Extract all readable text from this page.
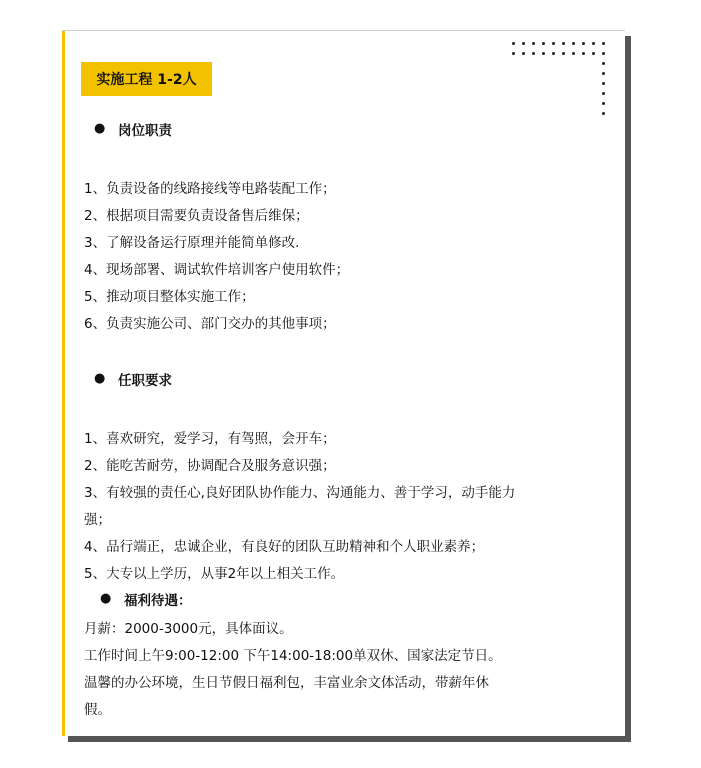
实施工程 1-2人
● 岗位职责
1、负责设备的线路接线等电路装配工作；
2、根据项目需要负责设备售后维保；
3、了解设备运行原理并能简单修改.
4、现场部署、调试软件培训客户使用软件；
5、推动项目整体实施工作；
6、负责实施公司、部门交办的其他事项；
● 任职要求
1、喜欢研究，爱学习，有驾照，会开车；
2、能吃苦耐劳，协调配合及服务意识强；
3、有较强的责任心,良好团队协作能力、沟通能力、善于学习，动手能力
强；
4、品行端正，忠诚企业，有良好的团队互助精神和个人职业素养；
5、大专以上学历，从事2年以上相关工作。
● 福利待遇：
月薪：2000-3000元，具体面议。
工作时间上午9:00-12:00 下午14:00-18:00单双休、国家法定节日。
温馨的办公环境，生日节假日福利包，丰富业余文体活动，带薪年休
假。
